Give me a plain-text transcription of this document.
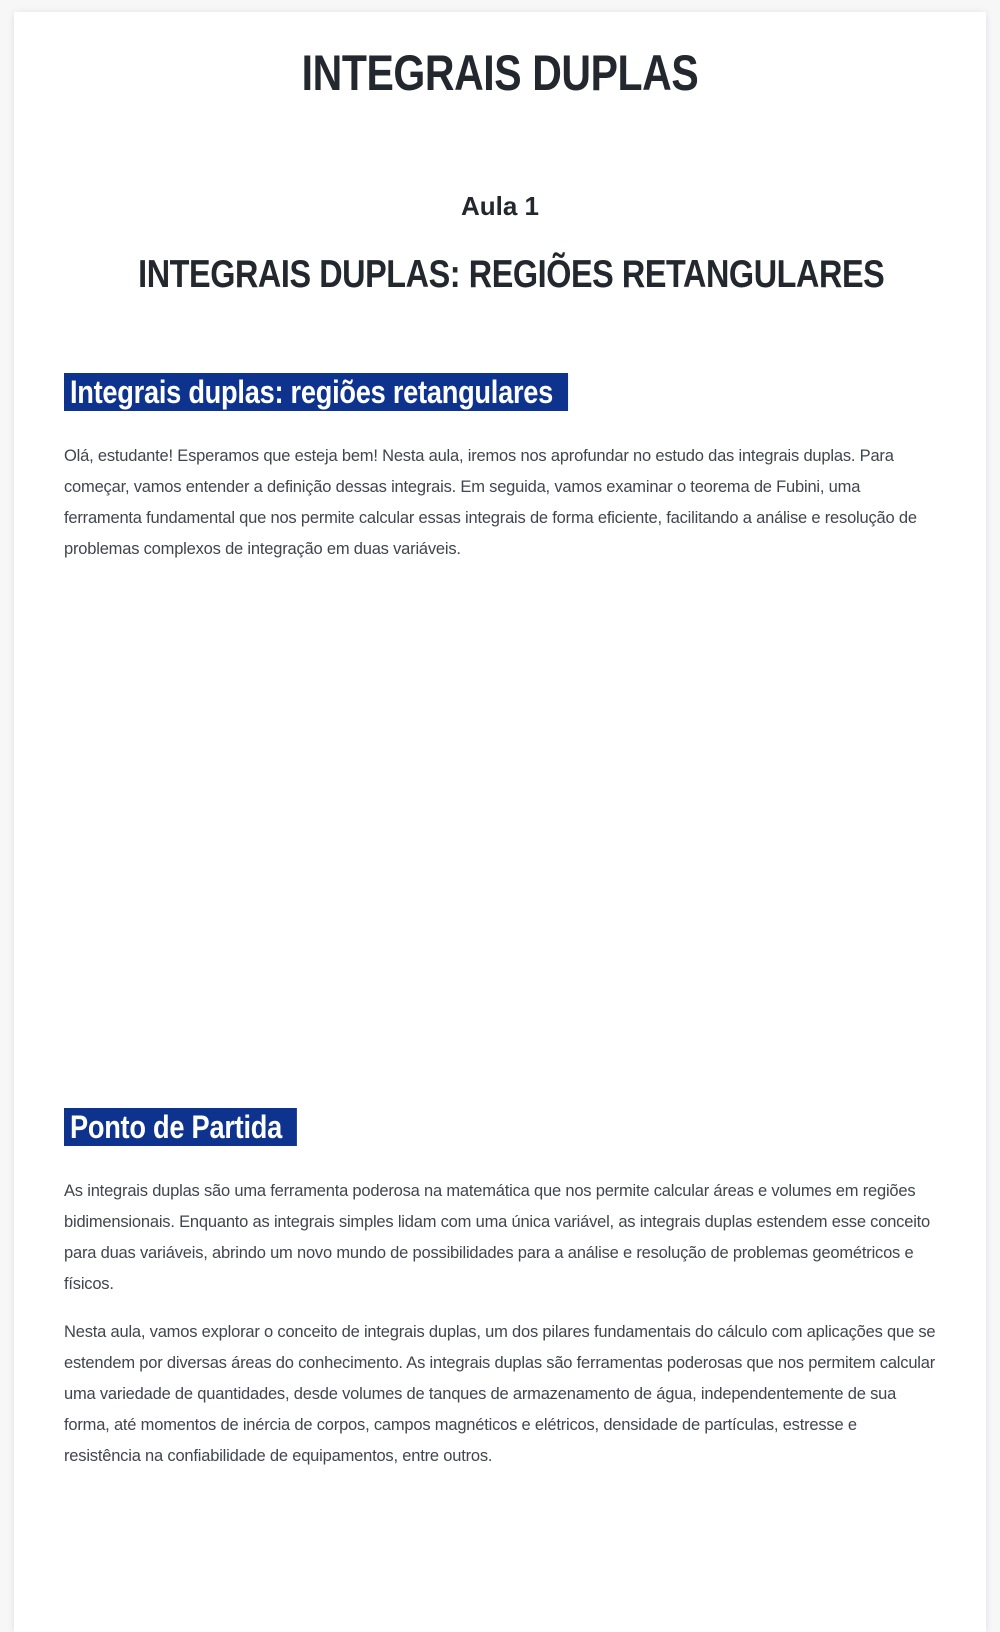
INTEGRAIS DUPLAS
Aula 1
INTEGRAIS DUPLAS: REGIÕES RETANGULARES
Integrais duplas: regiões retangulares

Olá, estudante! Esperamos que esteja bem! Nesta aula, iremos nos aprofundar no estudo das integrais duplas. Para começar, vamos entender a definição dessas integrais. Em seguida, vamos examinar o teorema de Fubini, uma ferramenta fundamental que nos permite calcular essas integrais de forma eficiente, facilitando a análise e resolução de problemas complexos de integração em duas variáveis.

Ponto de Partida

As integrais duplas são uma ferramenta poderosa na matemática que nos permite calcular áreas e volumes em regiões bidimensionais. Enquanto as integrais simples lidam com uma única variável, as integrais duplas estendem esse conceito para duas variáveis, abrindo um novo mundo de possibilidades para a análise e resolução de problemas geométricos e físicos.

Nesta aula, vamos explorar o conceito de integrais duplas, um dos pilares fundamentais do cálculo com aplicações que se estendem por diversas áreas do conhecimento. As integrais duplas são ferramentas poderosas que nos permitem calcular uma variedade de quantidades, desde volumes de tanques de armazenamento de água, independentemente de sua forma, até momentos de inércia de corpos, campos magnéticos e elétricos, densidade de partículas, estresse e resistência na confiabilidade de equipamentos, entre outros.
